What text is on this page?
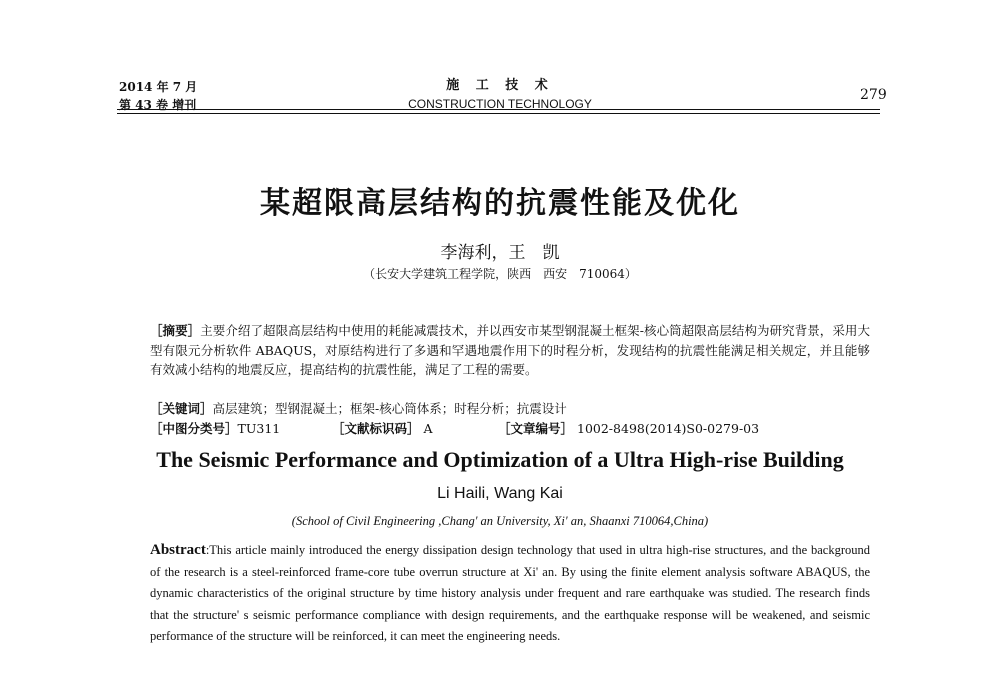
2014 年 7 月
第 43 卷 增刊
施 工 技 术
CONSTRUCTION TECHNOLOGY
279
某超限高层结构的抗震性能及优化
李海利，王　凯
（长安大学建筑工程学院，陕西　西安　710064）
［摘要］主要介绍了超限高层结构中使用的耗能减震技术，并以西安市某型钢混凝土框架-核心筒超限高层结构为研究背景，采用大型有限元分析软件 ABAQUS，对原结构进行了多遇和罕遇地震作用下的时程分析，发现结构的抗震性能满足相关规定，并且能够有效减小结构的地震反应，提高结构的抗震性能，满足了工程的需要。
［关键词］高层建筑；型钢混凝土；框架-核心筒体系；时程分析；抗震设计
［中图分类号］TU311	［文献标识码］ A	［文章编号］ 1002-8498(2014)S0-0279-03
The Seismic Performance and Optimization of a Ultra High-rise Building
Li Haili, Wang Kai
(School of Civil Engineering ,Chang' an University, Xi' an, Shaanxi 710064,China)
Abstract:This article mainly introduced the energy dissipation design technology that used in ultra high-rise structures, and the background of the research is a steel-reinforced frame-core tube overrun structure at Xi' an. By using the finite element analysis software ABAQUS, the dynamic characteristics of the original structure by time history analysis under frequent and rare earthquake was studied. The research finds that the structure' s seismic performance compliance with design requirements, and the earthquake response will be weakened, and seismic performance of the structure will be reinforced, it can meet the engineering needs.
